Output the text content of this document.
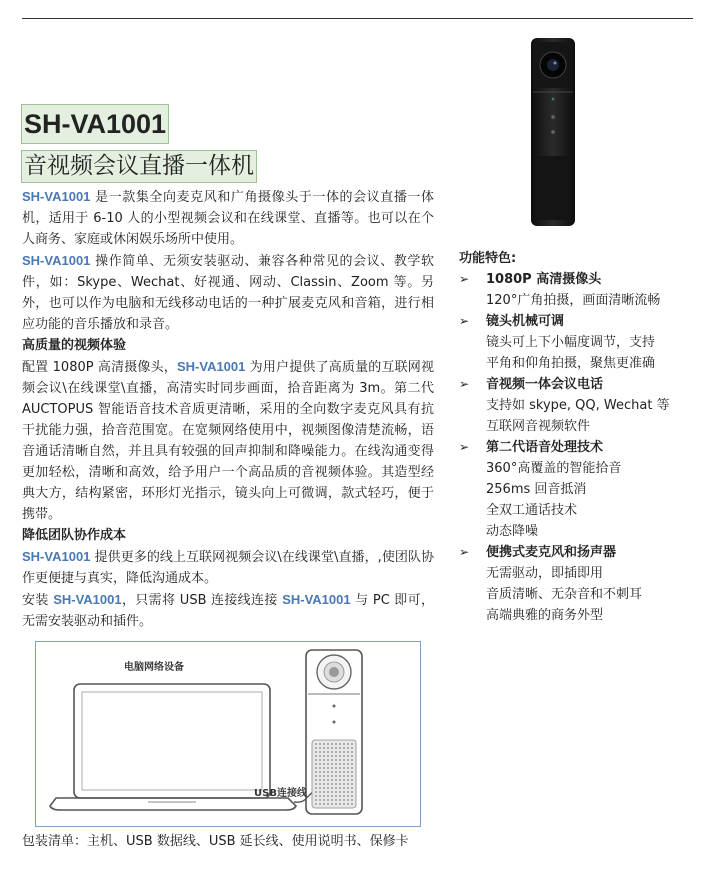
SH-VA1001
音视频会议直播一体机

SH-VA1001 是一款集全向麦克风和广角摄像头于一体的会议直播一体机，适用于 6-10 人的小型视频会议和在线课堂、直播等。也可以在个人商务、家庭或休闲娱乐场所中使用。

SH-VA1001 操作简单、无须安装驱动、兼容各种常见的会议、教学软件，如：Skype、Wechat、好视通、网动、Classin、Zoom 等。另外，也可以作为电脑和无线移动电话的一种扩展麦克风和音箱，进行相应功能的音乐播放和录音。

高质量的视频体验

配置 1080P 高清摄像头，SH-VA1001 为用户提供了高质量的互联网视频会议\在线课堂\直播，高清实时同步画面，拾音距离为 3m。第二代 AUCTOPUS 智能语音技术音质更清晰，采用的全向数字麦克风具有抗干扰能力强，拾音范围宽。在宽频网络使用中，视频图像清楚流畅，语音通话清晰自然，并且具有较强的回声抑制和降噪能力。在线沟通变得更加轻松，清晰和高效，给予用户一个高品质的音视频体验。其造型经典大方，结构紧密，环形灯光指示，镜头向上可微调，款式轻巧，便于携带。

降低团队协作成本

SH-VA1001 提供更多的线上互联网视频会议\在线课堂\直播，,使团队协作更便捷与真实，降低沟通成本。

安装 SH-VA1001，只需将 USB 连接线连接 SH-VA1001 与 PC 即可，无需安装驱动和插件。

功能特色:
➢ 1080P 高清摄像头
120°广角拍摄，画面清晰流畅
➢ 镜头机械可调
镜头可上下小幅度调节，支持
平角和仰角拍摄，聚焦更准确
➢ 音视频一体会议电话
支持如 skype, QQ, Wechat 等
互联网音视频软件
➢ 第二代语音处理技术
360°高覆盖的智能拾音
256ms 回音抵消
全双工通话技术
动态降噪
➢ 便携式麦克风和扬声器
无需驱动，即插即用
音质清晰、无杂音和不刺耳
高端典雅的商务外型
电脑网络设备
USB连接线
包装清单：主机、USB 数据线、USB 延长线、使用说明书、保修卡
